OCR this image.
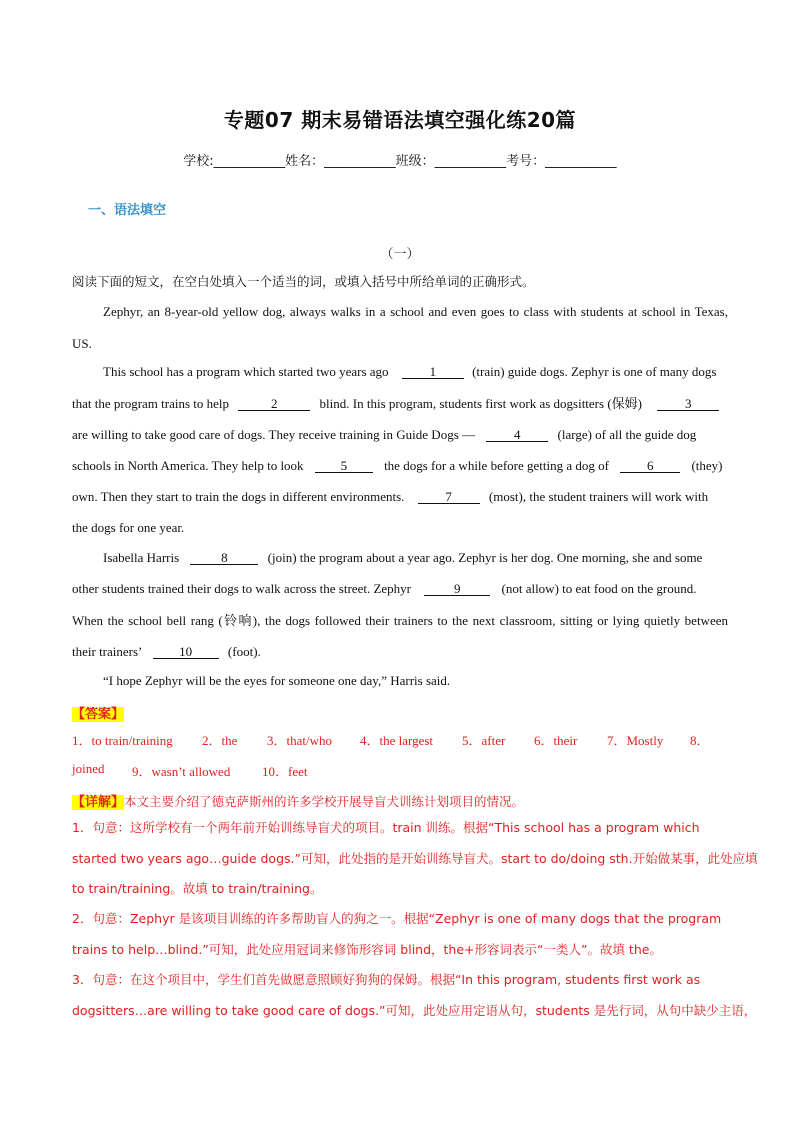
专题07 期末易错语法填空强化练20篇
学校:___________姓名：___________班级：___________考号：___________
一、语法填空
（一）
阅读下面的短文，在空白处填入一个适当的词，或填入括号中所给单词的正确形式。
Zephyr, an 8-year-old yellow dog, always walks in a school and even goes to class with students at school in Texas,
US.
This school has a program which started two years ago	1	(train) guide dogs. Zephyr is one of many dogs
that the program trains to help	2	blind. In this program, students first work as dogsitters (保姆)	3
are willing to take good care of dogs. They receive training in Guide Dogs —	4	(large) of all the guide dog
schools in North America. They help to look	5	the dogs for a while before getting a dog of	6	(they)
own. Then they start to train the dogs in different environments.	7	(most), the student trainers will work with
the dogs for one year.
Isabella Harris	8	(join) the program about a year ago. Zephyr is her dog. One morning, she and some
other students trained their dogs to walk across the street. Zephyr	9	(not allow) to eat food on the ground.
When the school bell rang (铃响), the dogs followed their trainers to the next classroom, sitting or lying quietly between
their trainers’	10	(foot).
“I hope Zephyr will be the eyes for someone one day,” Harris said.
【答案】
1．to train/training 2．the 3．that/who 4．the largest 5．after 6．their 7．Mostly 8．
joined 9．wasn’t allowed 10．feet
【详解】本文主要介绍了德克萨斯州的许多学校开展导盲犬训练计划项目的情况。
1．句意：这所学校有一个两年前开始训练导盲犬的项目。train 训练。根据“This school has a program which
started two years ago…guide dogs.”可知，此处指的是开始训练导盲犬。start to do/doing sth.开始做某事，此处应填
to train/training。故填 to train/training。
2．句意：Zephyr 是该项目训练的许多帮助盲人的狗之一。根据“Zephyr is one of many dogs that the program
trains to help…blind.”可知，此处应用冠词来修饰形容词 blind，the+形容词表示“一类人”。故填 the。
3．句意：在这个项目中，学生们首先做愿意照顾好狗狗的保姆。根据“In this program, students first work as
dogsitters…are willing to take good care of dogs.”可知，此处应用定语从句，students 是先行词，从句中缺少主语，
